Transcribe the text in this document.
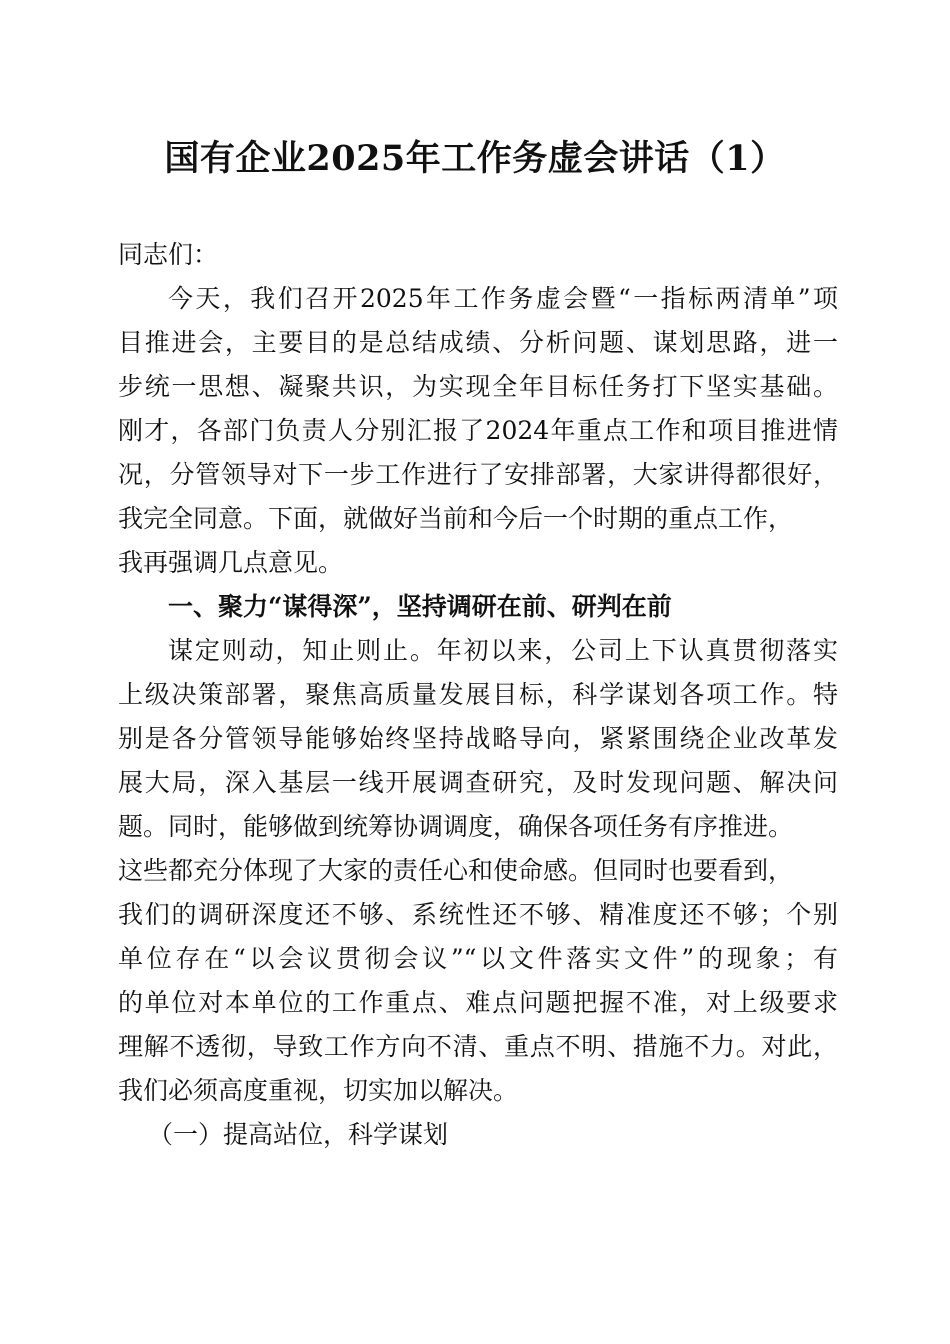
国有企业2025年工作务虚会讲话（1）

同志们：

今天，我们召开2025年工作务虚会暨“一指标两清单”项

目推进会，主要目的是总结成绩、分析问题、谋划思路，进一

步统一思想、凝聚共识，为实现全年目标任务打下坚实基础。

刚才，各部门负责人分别汇报了2024年重点工作和项目推进情

况，分管领导对下一步工作进行了安排部署，大家讲得都很好，

我完全同意。下面，就做好当前和今后一个时期的重点工作，

我再强调几点意见。

一、聚力“谋得深”，坚持调研在前、研判在前

谋定则动，知止则止。年初以来，公司上下认真贯彻落实

上级决策部署，聚焦高质量发展目标，科学谋划各项工作。特

别是各分管领导能够始终坚持战略导向，紧紧围绕企业改革发

展大局，深入基层一线开展调查研究，及时发现问题、解决问

题。同时，能够做到统筹协调调度，确保各项任务有序推进。

这些都充分体现了大家的责任心和使命感。但同时也要看到，

我们的调研深度还不够、系统性还不够、精准度还不够；个别

单位存在“以会议贯彻会议”“以文件落实文件”的现象；有

的单位对本单位的工作重点、难点问题把握不准，对上级要求

理解不透彻，导致工作方向不清、重点不明、措施不力。对此，

我们必须高度重视，切实加以解决。

（一）提高站位，科学谋划
